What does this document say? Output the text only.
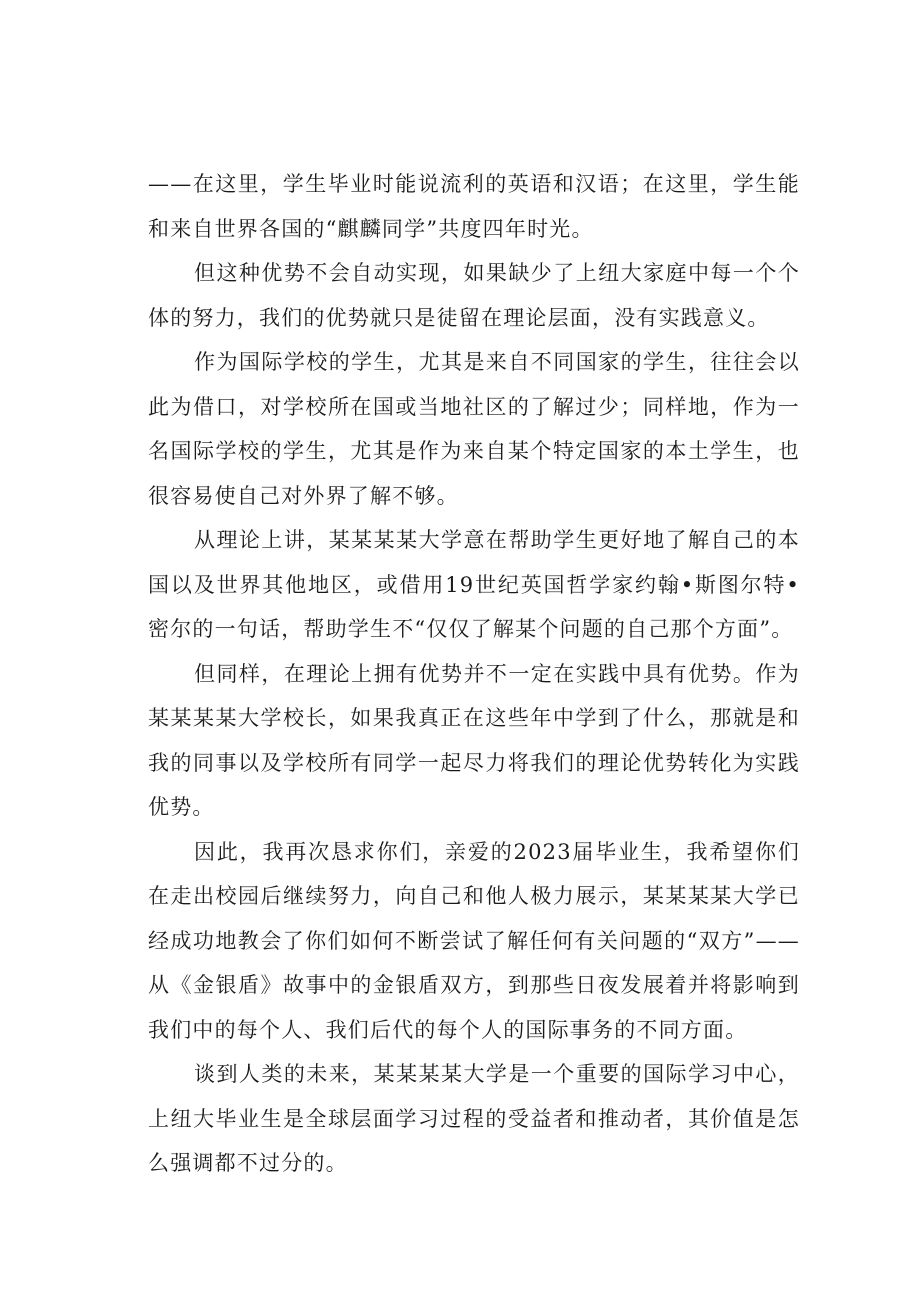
——在这里，学生毕业时能说流利的英语和汉语；在这里，学生能和来自世界各国的“麒麟同学”共度四年时光。

但这种优势不会自动实现，如果缺少了上纽大家庭中每一个个体的努力，我们的优势就只是徒留在理论层面，没有实践意义。

作为国际学校的学生，尤其是来自不同国家的学生，往往会以此为借口，对学校所在国或当地社区的了解过少；同样地，作为一名国际学校的学生，尤其是作为来自某个特定国家的本土学生，也很容易使自己对外界了解不够。

从理论上讲，某某某某大学意在帮助学生更好地了解自己的本国以及世界其他地区，或借用19世纪英国哲学家约翰•斯图尔特•密尔的一句话，帮助学生不“仅仅了解某个问题的自己那个方面”。

但同样，在理论上拥有优势并不一定在实践中具有优势。作为某某某某大学校长，如果我真正在这些年中学到了什么，那就是和我的同事以及学校所有同学一起尽力将我们的理论优势转化为实践优势。

因此，我再次恳求你们，亲爱的2023届毕业生，我希望你们在走出校园后继续努力，向自己和他人极力展示，某某某某大学已经成功地教会了你们如何不断尝试了解任何有关问题的“双方”——从《金银盾》故事中的金银盾双方，到那些日夜发展着并将影响到我们中的每个人、我们后代的每个人的国际事务的不同方面。

谈到人类的未来，某某某某大学是一个重要的国际学习中心，上纽大毕业生是全球层面学习过程的受益者和推动者，其价值是怎么强调都不过分的。
